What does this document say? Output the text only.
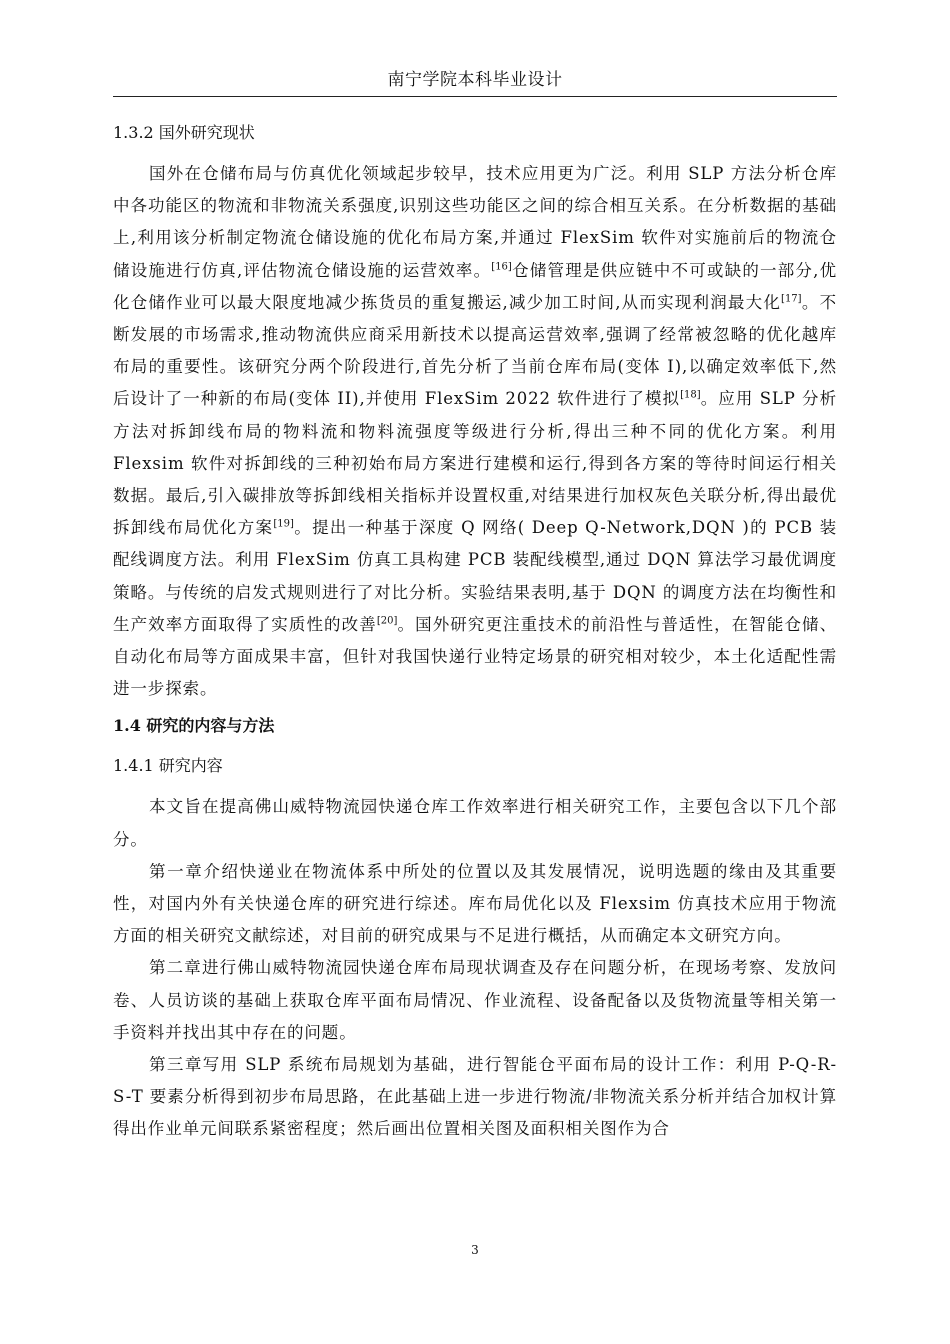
南宁学院本科毕业设计
1.3.2 国外研究现状

国外在仓储布局与仿真优化领域起步较早，技术应用更为广泛。利用 SLP 方法分析仓库中各功能区的物流和非物流关系强度,识别这些功能区之间的综合相互关系。在分析数据的基础上,利用该分析制定物流仓储设施的优化布局方案,并通过 FlexSim 软件对实施前后的物流仓储设施进行仿真,评估物流仓储设施的运营效率。[16]仓储管理是供应链中不可或缺的一部分,优化仓储作业可以最大限度地减少拣货员的重复搬运,减少加工时间,从而实现利润最大化[17]。不断发展的市场需求,推动物流供应商采用新技术以提高运营效率,强调了经常被忽略的优化越库布局的重要性。该研究分两个阶段进行,首先分析了当前仓库布局(变体 I),以确定效率低下,然后设计了一种新的布局(变体 II),并使用 FlexSim 2022 软件进行了模拟[18]。应用 SLP 分析方法对拆卸线布局的物料流和物料流强度等级进行分析,得出三种不同的优化方案。利用 Flexsim 软件对拆卸线的三种初始布局方案进行建模和运行,得到各方案的等待时间运行相关数据。最后,引入碳排放等拆卸线相关指标并设置权重,对结果进行加权灰色关联分析,得出最优拆卸线布局优化方案[19]。提出一种基于深度 Q 网络( Deep Q-Network,DQN )的 PCB 装配线调度方法。利用 FlexSim 仿真工具构建 PCB 装配线模型,通过 DQN 算法学习最优调度策略。与传统的启发式规则进行了对比分析。实验结果表明,基于 DQN 的调度方法在均衡性和生产效率方面取得了实质性的改善[20]。国外研究更注重技术的前沿性与普适性，在智能仓储、自动化布局等方面成果丰富，但针对我国快递行业特定场景的研究相对较少，本土化适配性需进一步探索。

1.4 研究的内容与方法
1.4.1 研究内容

本文旨在提高佛山威特物流园快递仓库工作效率进行相关研究工作，主要包含以下几个部分。

第一章介绍快递业在物流体系中所处的位置以及其发展情况，说明选题的缘由及其重要性，对国内外有关快递仓库的研究进行综述。库布局优化以及 Flexsim 仿真技术应用于物流方面的相关研究文献综述，对目前的研究成果与不足进行概括，从而确定本文研究方向。

第二章进行佛山威特物流园快递仓库布局现状调查及存在问题分析，在现场考察、发放问卷、人员访谈的基础上获取仓库平面布局情况、作业流程、设备配备以及货物流量等相关第一手资料并找出其中存在的问题。

第三章写用 SLP 系统布局规划为基础，进行智能仓平面布局的设计工作：利用 P-Q-R-S-T 要素分析得到初步布局思路，在此基础上进一步进行物流/非物流关系分析并结合加权计算得出作业单元间联系紧密程度；然后画出位置相关图及面积相关图作为合

3
